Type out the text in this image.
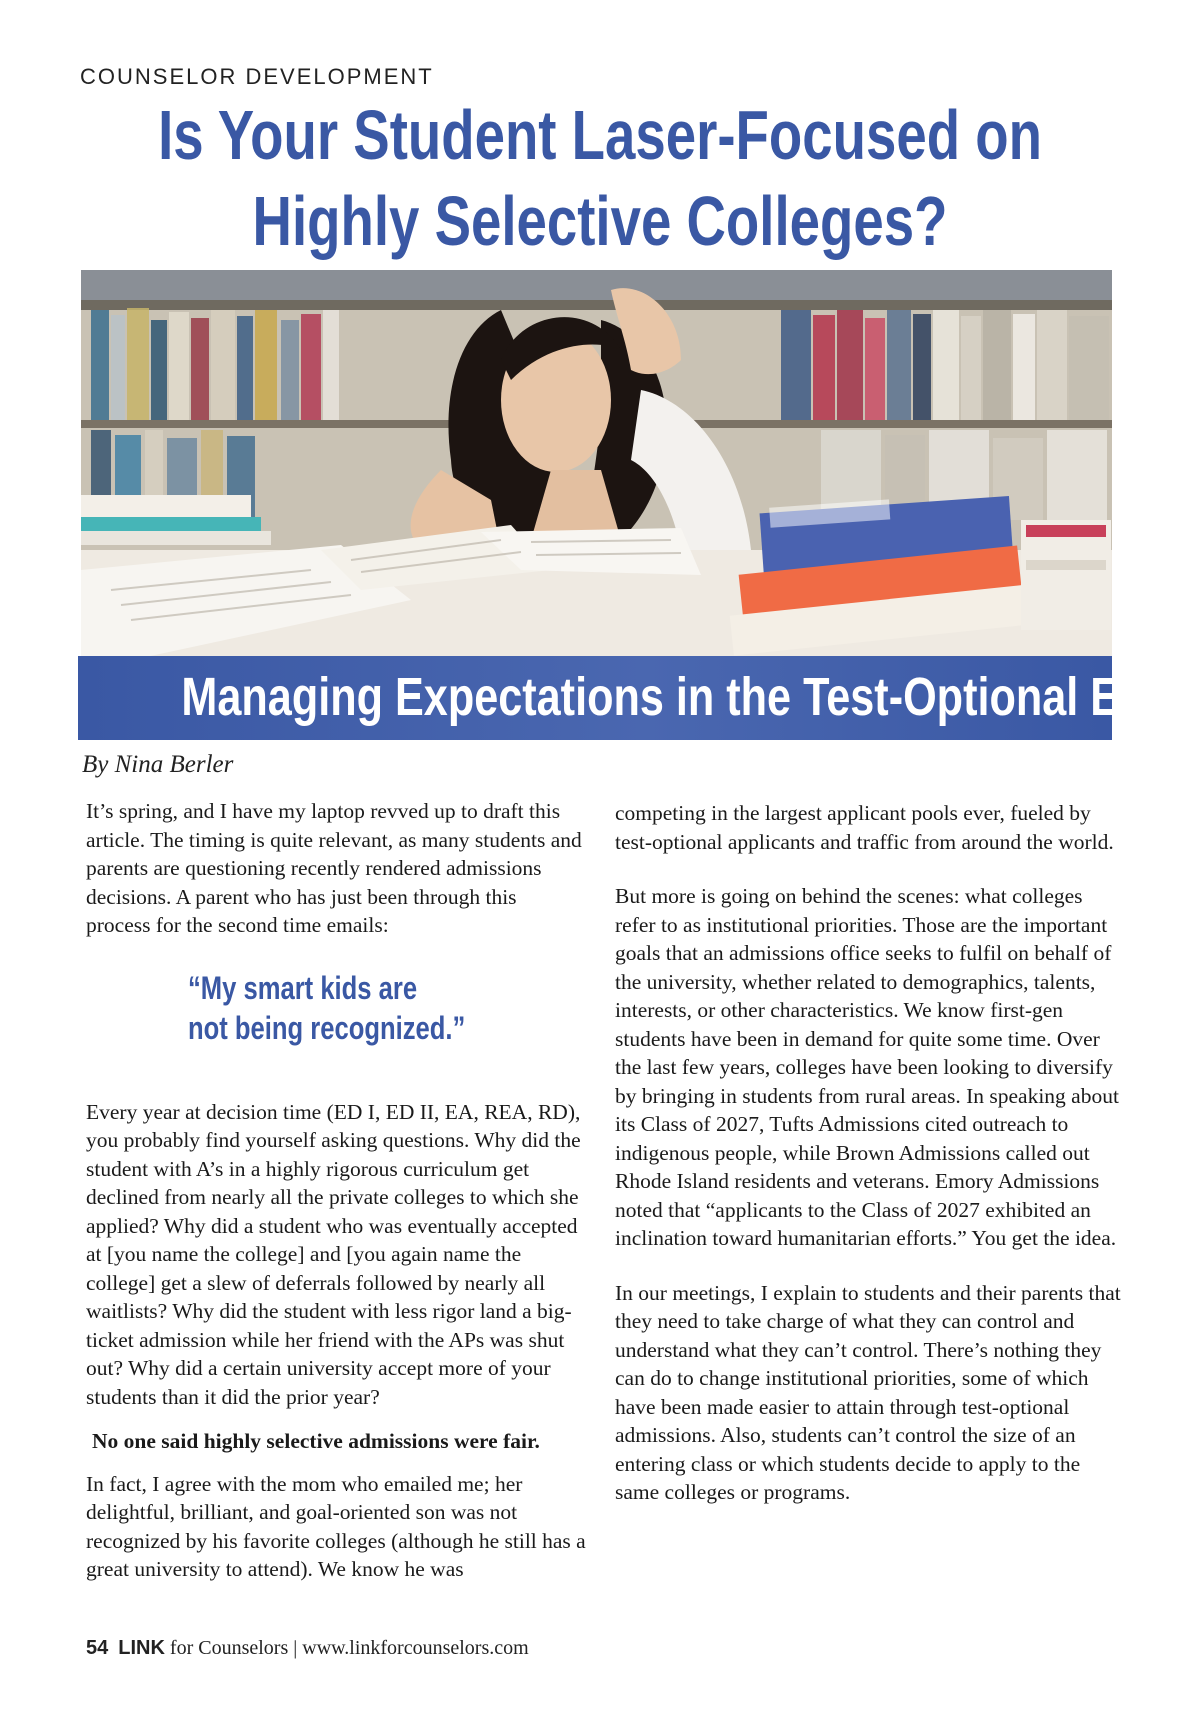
COUNSELOR DEVELOPMENT
Is Your Student Laser-Focused on
Highly Selective Colleges?
Managing Expectations in the Test-Optional Era
By Nina Berler

It’s spring, and I have my laptop revved up to draft this article. The timing is quite relevant, as many students and parents are questioning recently rendered admissions decisions. A parent who has just been through this process for the second time emails:

“My smart kids are
not being recognized.”

Every year at decision time (ED I, ED II, EA, REA, RD), you probably find yourself asking questions. Why did the student with A’s in a highly rigorous curriculum get declined from nearly all the private colleges to which she applied? Why did a student who was eventually accepted at [you name the college] and [you again name the college] get a slew of deferrals followed by nearly all waitlists? Why did the student with less rigor land a big-ticket admission while her friend with the APs was shut out? Why did a certain university accept more of your students than it did the prior year?

No one said highly selective admissions were fair.

In fact, I agree with the mom who emailed me; her delightful, brilliant, and goal-oriented son was not recognized by his favorite colleges (although he still has a great university to attend). We know he was

competing in the largest applicant pools ever, fueled by test-optional applicants and traffic from around the world.

But more is going on behind the scenes: what colleges refer to as institutional priorities. Those are the important goals that an admissions office seeks to fulfil on behalf of the university, whether related to demographics, talents, interests, or other characteristics. We know first-gen students have been in demand for quite some time. Over the last few years, colleges have been looking to diversify by bringing in students from rural areas. In speaking about its Class of 2027, Tufts Admissions cited outreach to indigenous people, while Brown Admissions called out Rhode Island residents and veterans. Emory Admissions noted that “applicants to the Class of 2027 exhibited an inclination toward humanitarian efforts.” You get the idea.

In our meetings, I explain to students and their parents that they need to take charge of what they can control and understand what they can’t control. There’s nothing they can do to change institutional priorities, some of which have been made easier to attain through test-optional admissions. Also, students can’t control the size of an entering class or which students decide to apply to the same colleges or programs.

54 LINK for Counselors | www.linkforcounselors.com
